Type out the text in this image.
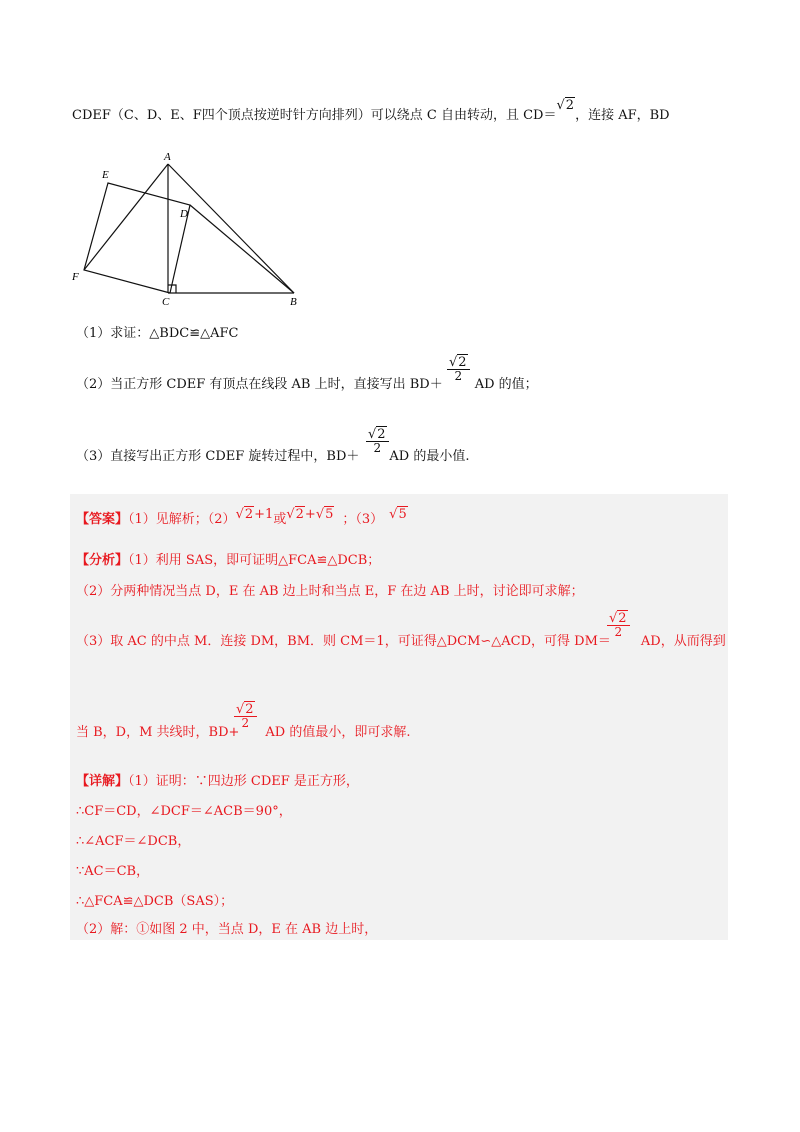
CDEF（C、D、E、F四个顶点按逆时针方向排列）可以绕点 C 自由转动，且 CD＝√2，连接 AF，BD
A
E
D
F
C	B
（1）求证：△BDC≌△AFC
（2）当正方形 CDEF 有顶点在线段 AB 上时，直接写出 BD＋ AD 的值；
$\frac{√2}{2}$
（3）直接写出正方形 CDEF 旋转过程中，BD＋ AD 的最小值.
$\frac{√2}{2}$
【答案】（1）见解析；（2）√2+1或√2+√5 ；（3） √5
【分析】（1）利用 SAS，即可证明△FCA≌△DCB；
（2）分两种情况当点 D，E 在 AB 边上时和当点 E，F 在边 AB 上时，讨论即可求解；
（3）取 AC 的中点 M．连接 DM，BM．则 CM＝1，可证得△DCM∽△ACD，可得 DM＝ AD，从而得到
$\frac{√2}{2}$
当 B，D，M 共线时，BD+ AD 的值最小，即可求解.
$\frac{√2}{2}$
【详解】（1）证明：∵四边形 CDEF 是正方形，
∴CF＝CD，∠DCF＝∠ACB＝90°，
∴∠ACF＝∠DCB，
∵AC＝CB，
∴△FCA≌△DCB（SAS）；
（2）解：①如图 2 中，当点 D，E 在 AB 边上时，
